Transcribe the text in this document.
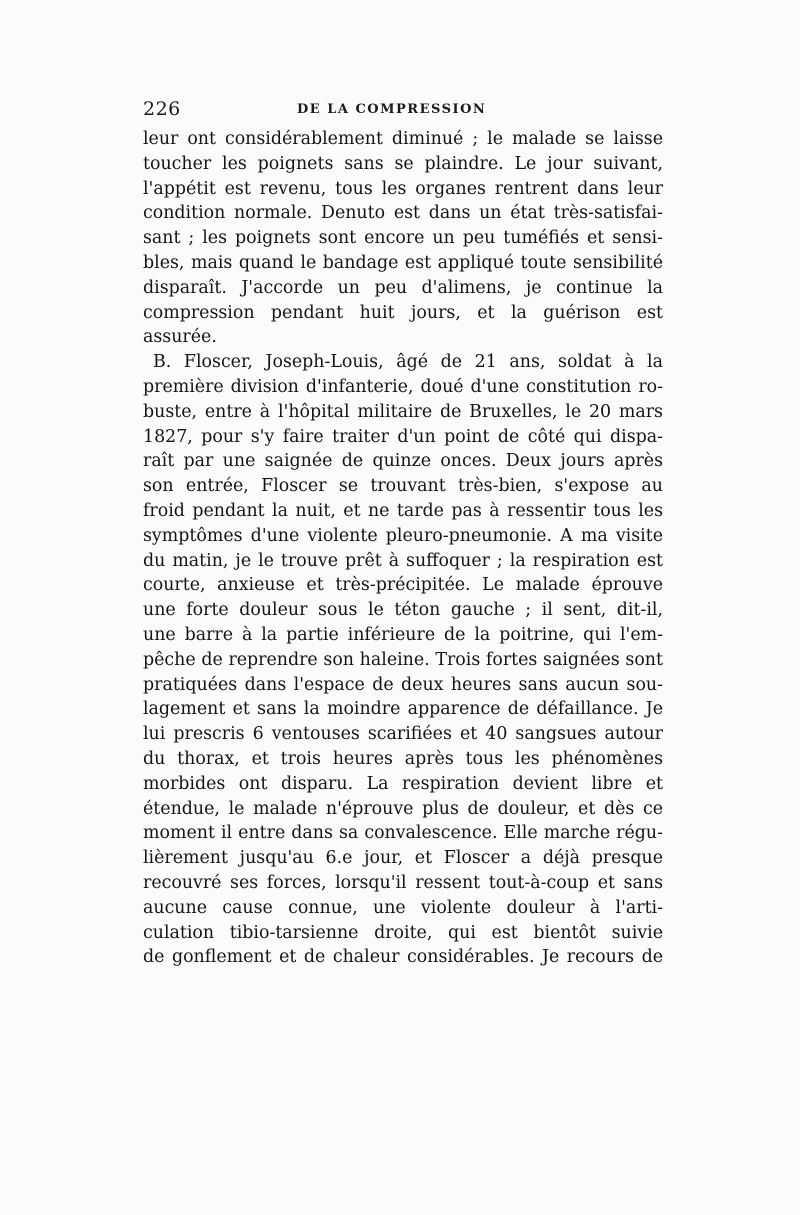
226	DE LA COMPRESSION
leur ont considérablement diminué ; le malade se laisse
toucher les poignets sans se plaindre. Le jour suivant,
l'appétit est revenu, tous les organes rentrent dans leur
condition normale. Denuto est dans un état très-satisfai-
sant ; les poignets sont encore un peu tuméfiés et sensi-
bles, mais quand le bandage est appliqué toute sensibilité
disparaît. J'accorde un peu d'alimens, je continue la
compression pendant huit jours, et la guérison est
assurée.
B. Floscer, Joseph-Louis, âgé de 21 ans, soldat à la
première division d'infanterie, doué d'une constitution ro-
buste, entre à l'hôpital militaire de Bruxelles, le 20 mars
1827, pour s'y faire traiter d'un point de côté qui dispa-
raît par une saignée de quinze onces. Deux jours après
son entrée, Floscer se trouvant très-bien, s'expose au
froid pendant la nuit, et ne tarde pas à ressentir tous les
symptômes d'une violente pleuro-pneumonie. A ma visite
du matin, je le trouve prêt à suffoquer ; la respiration est
courte, anxieuse et très-précipitée. Le malade éprouve
une forte douleur sous le téton gauche ; il sent, dit-il,
une barre à la partie inférieure de la poitrine, qui l'em-
pêche de reprendre son haleine. Trois fortes saignées sont
pratiquées dans l'espace de deux heures sans aucun sou-
lagement et sans la moindre apparence de défaillance. Je
lui prescris 6 ventouses scarifiées et 40 sangsues autour
du thorax, et trois heures après tous les phénomènes
morbides ont disparu. La respiration devient libre et
étendue, le malade n'éprouve plus de douleur, et dès ce
moment il entre dans sa convalescence. Elle marche régu-
lièrement jusqu'au 6.e jour, et Floscer a déjà presque
recouvré ses forces, lorsqu'il ressent tout-à-coup et sans
aucune cause connue, une violente douleur à l'arti-
culation tibio-tarsienne droite, qui est bientôt suivie
de gonflement et de chaleur considérables. Je recours de
